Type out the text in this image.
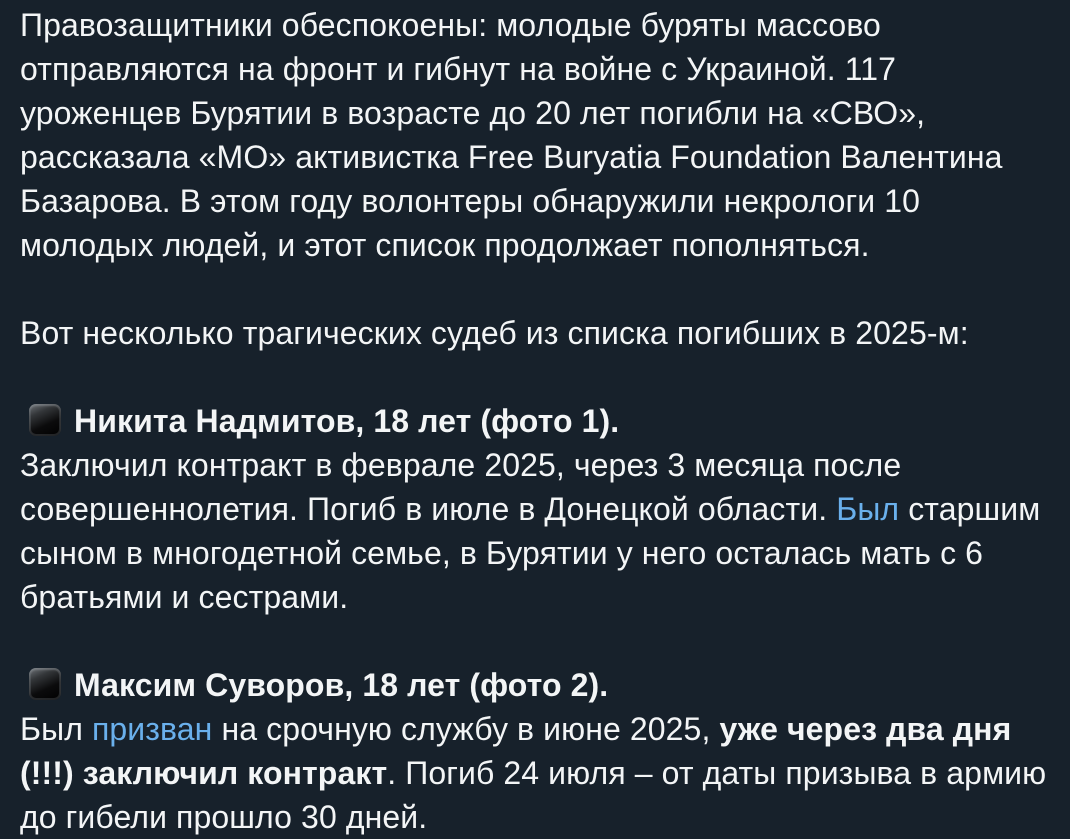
Правозащитники обеспокоены: молодые буряты массово отправляются на фронт и гибнут на войне с Украиной. 117 уроженцев Бурятии в возрасте до 20 лет погибли на «СВО», рассказала «МО» активистка Free Buryatia Foundation Валентина Базарова. В этом году волонтеры обнаружили некрологи 10 молодых людей, и этот список продолжает пополняться.

Вот несколько трагических судеб из списка погибших в 2025-м:

Никита Надмитов, 18 лет (фото 1).
Заключил контракт в феврале 2025, через 3 месяца после совершеннолетия. Погиб в июле в Донецкой области. Был старшим сыном в многодетной семье, в Бурятии у него осталась мать с 6 братьями и сестрами.
Максим Суворов, 18 лет (фото 2).
Был призван на срочную службу в июне 2025, уже через два дня (!!!) заключил контракт. Погиб 24 июля – от даты призыва в армию до гибели прошло 30 дней.
